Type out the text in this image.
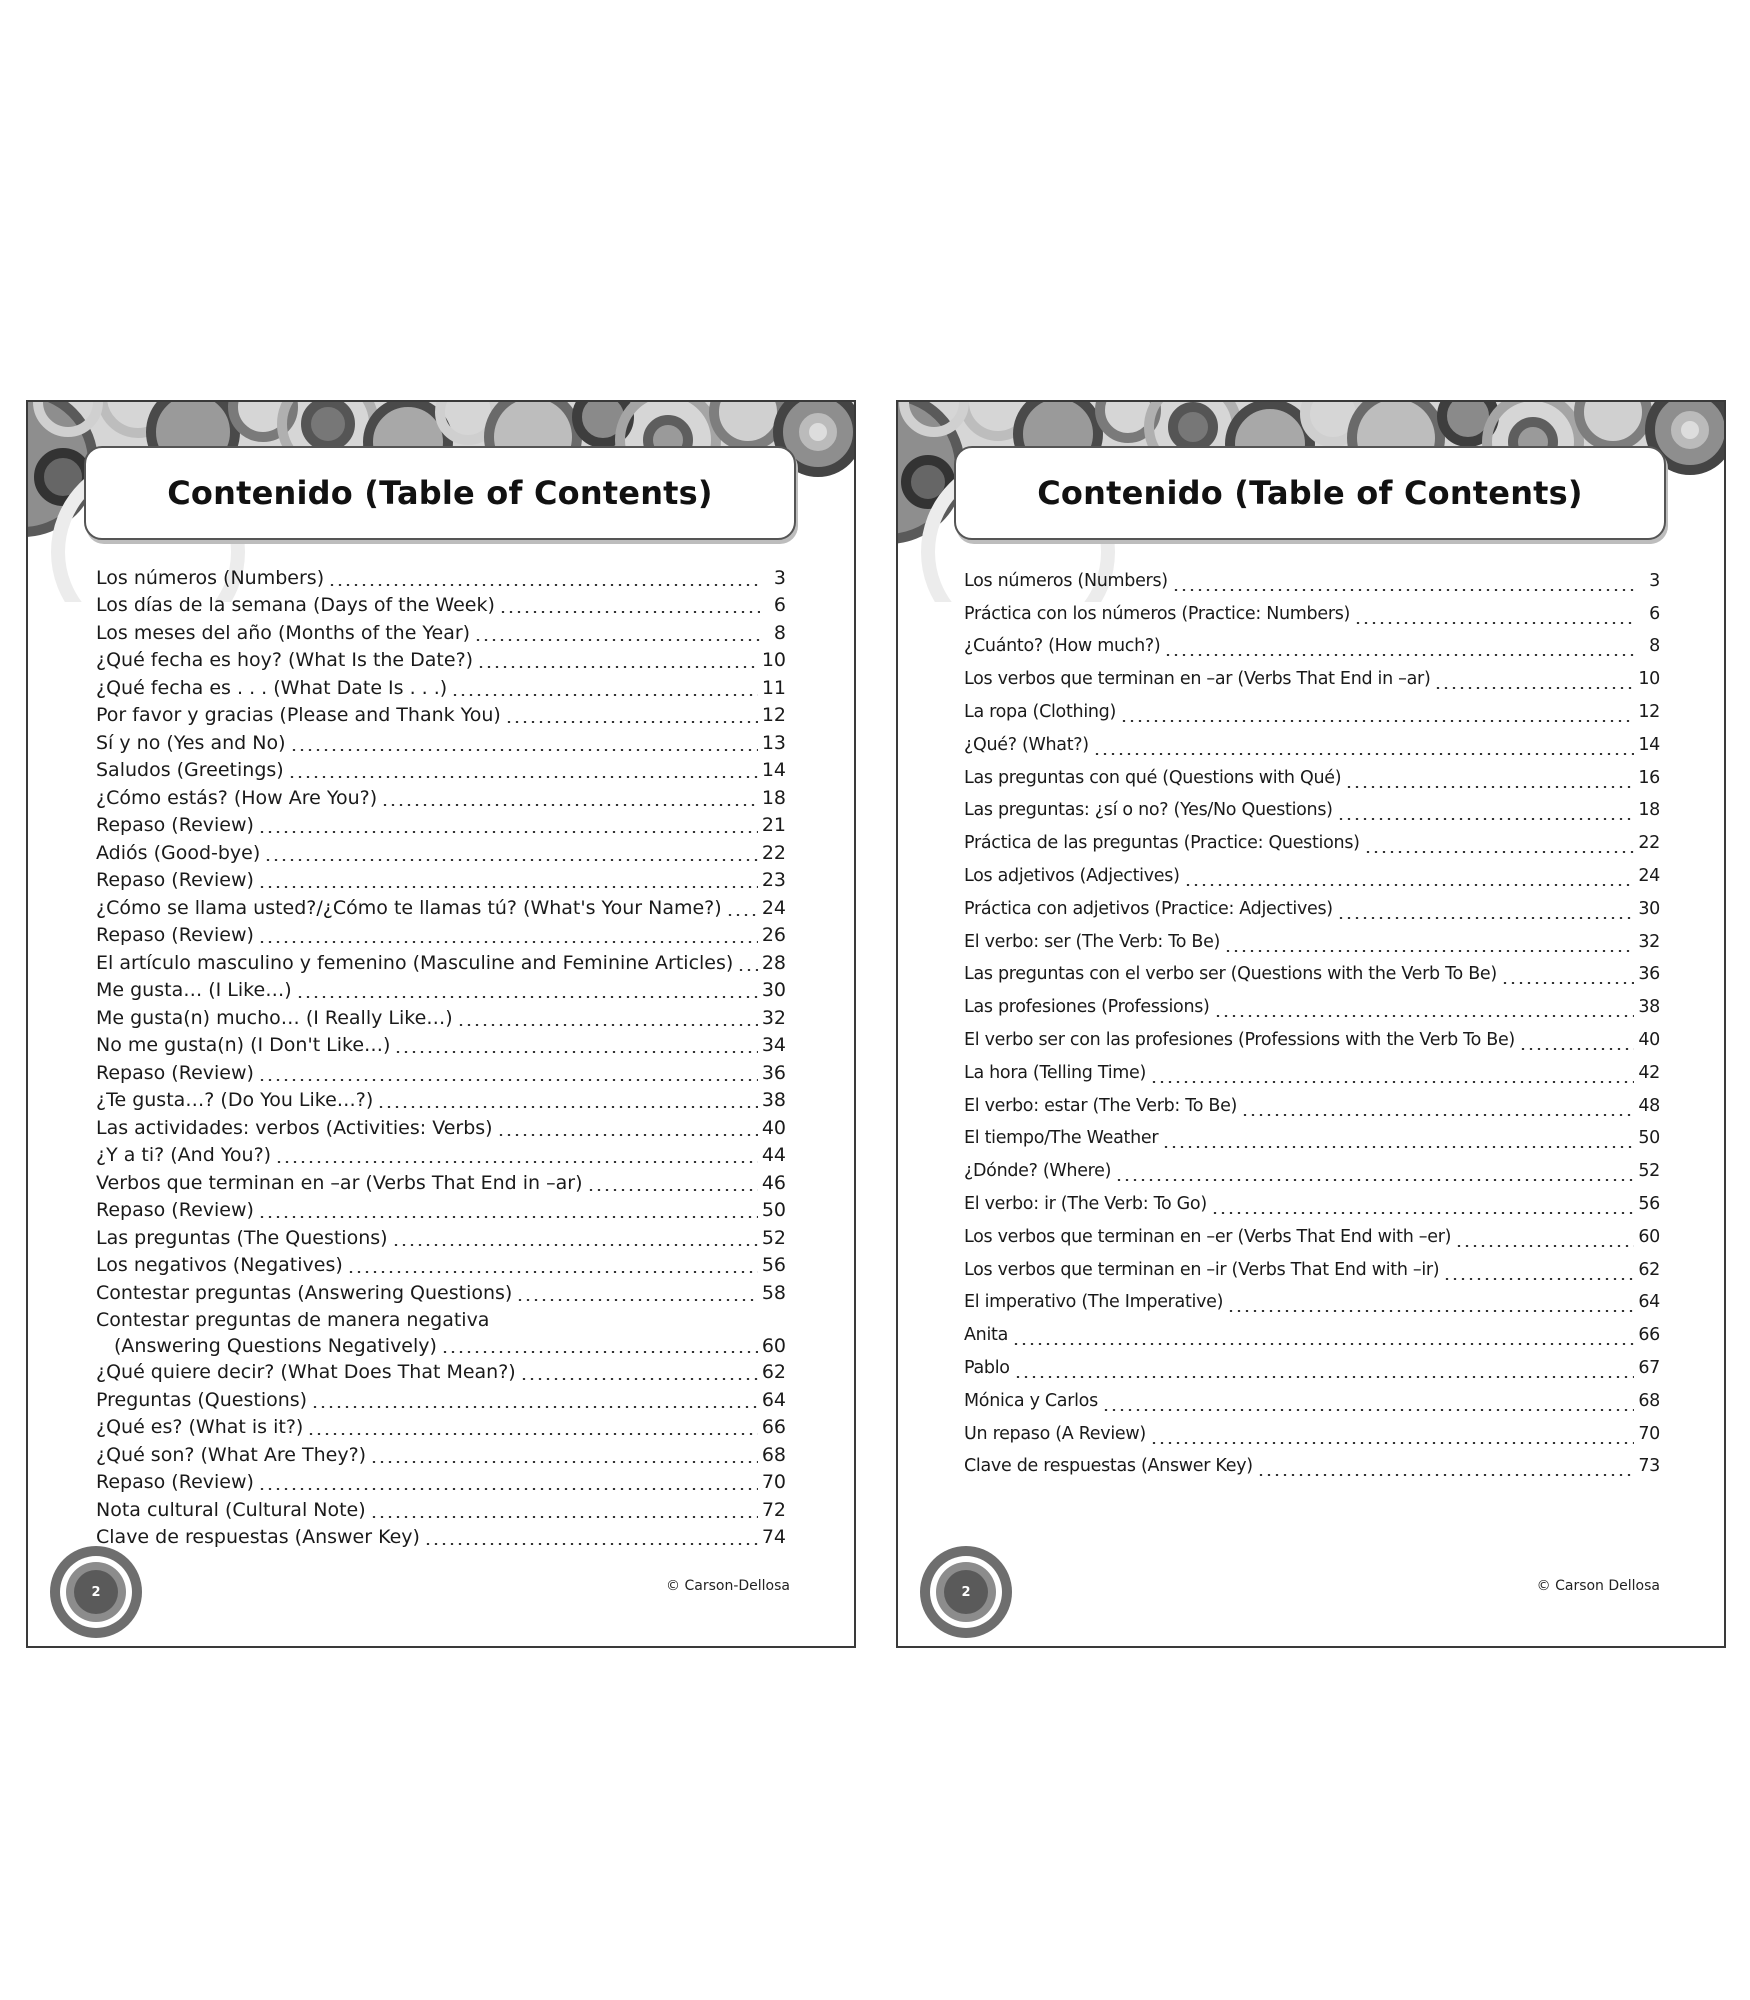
Contenido (Table of Contents)
Los números (Numbers)	3
Los días de la semana (Days of the Week)	6
Los meses del año (Months of the Year)	8
¿Qué fecha es hoy? (What Is the Date?)	10
¿Qué fecha es . . . (What Date Is . . .)	11
Por favor y gracias (Please and Thank You)	12
Sí y no (Yes and No)	13
Saludos (Greetings)	14
¿Cómo estás? (How Are You?)	18
Repaso (Review)	21
Adiós (Good-bye)	22
Repaso (Review)	23
¿Cómo se llama usted?/¿Cómo te llamas tú? (What's Your Name?) 24
Repaso (Review)	26
El artículo masculino y femenino (Masculine and Feminine Articles) 28
Me gusta… (I Like…)	30
Me gusta(n) mucho… (I Really Like…)	32
No me gusta(n) (I Don't Like…)	34
Repaso (Review)	36
¿Te gusta…? (Do You Like…?)	38
Las actividades: verbos (Activities: Verbs)	40
¿Y a ti? (And You?)	44
Verbos que terminan en –ar (Verbs That End in –ar)	46
Repaso (Review)	50
Las preguntas (The Questions)	52
Los negativos (Negatives)	56
Contestar preguntas (Answering Questions)	58
Contestar preguntas de manera negativa
(Answering Questions Negatively)	60
¿Qué quiere decir? (What Does That Mean?)	62
Preguntas (Questions)	64
¿Qué es? (What is it?)	66
¿Qué son? (What Are They?)	68
Repaso (Review)	70
Nota cultural (Cultural Note)	72
Clave de respuestas (Answer Key)	74
2	© Carson-Dellosa
Contenido (Table of Contents)
Los números (Numbers)	3
Práctica con los números (Practice: Numbers)	6
¿Cuánto? (How much?)	8
Los verbos que terminan en –ar (Verbs That End in –ar)	10
La ropa (Clothing)	12
¿Qué? (What?)	14
Las preguntas con qué (Questions with Qué)	16
Las preguntas: ¿sí o no? (Yes/No Questions)	18
Práctica de las preguntas (Practice: Questions)	22
Los adjetivos (Adjectives)	24
Práctica con adjetivos (Practice: Adjectives)	30
El verbo: ser (The Verb: To Be)	32
Las preguntas con el verbo ser (Questions with the Verb To Be)	36
Las profesiones (Professions)	38
El verbo ser con las profesiones (Professions with the Verb To Be)	40
La hora (Telling Time)	42
El verbo: estar (The Verb: To Be)	48
El tiempo/The Weather	50
¿Dónde? (Where)	52
El verbo: ir (The Verb: To Go)	56
Los verbos que terminan en –er (Verbs That End with –er)	60
Los verbos que terminan en –ir (Verbs That End with –ir)	62
El imperativo (The Imperative)	64
Anita	66
Pablo	67
Mónica y Carlos	68
Un repaso (A Review)	70
Clave de respuestas (Answer Key)	73
2	© Carson Dellosa
